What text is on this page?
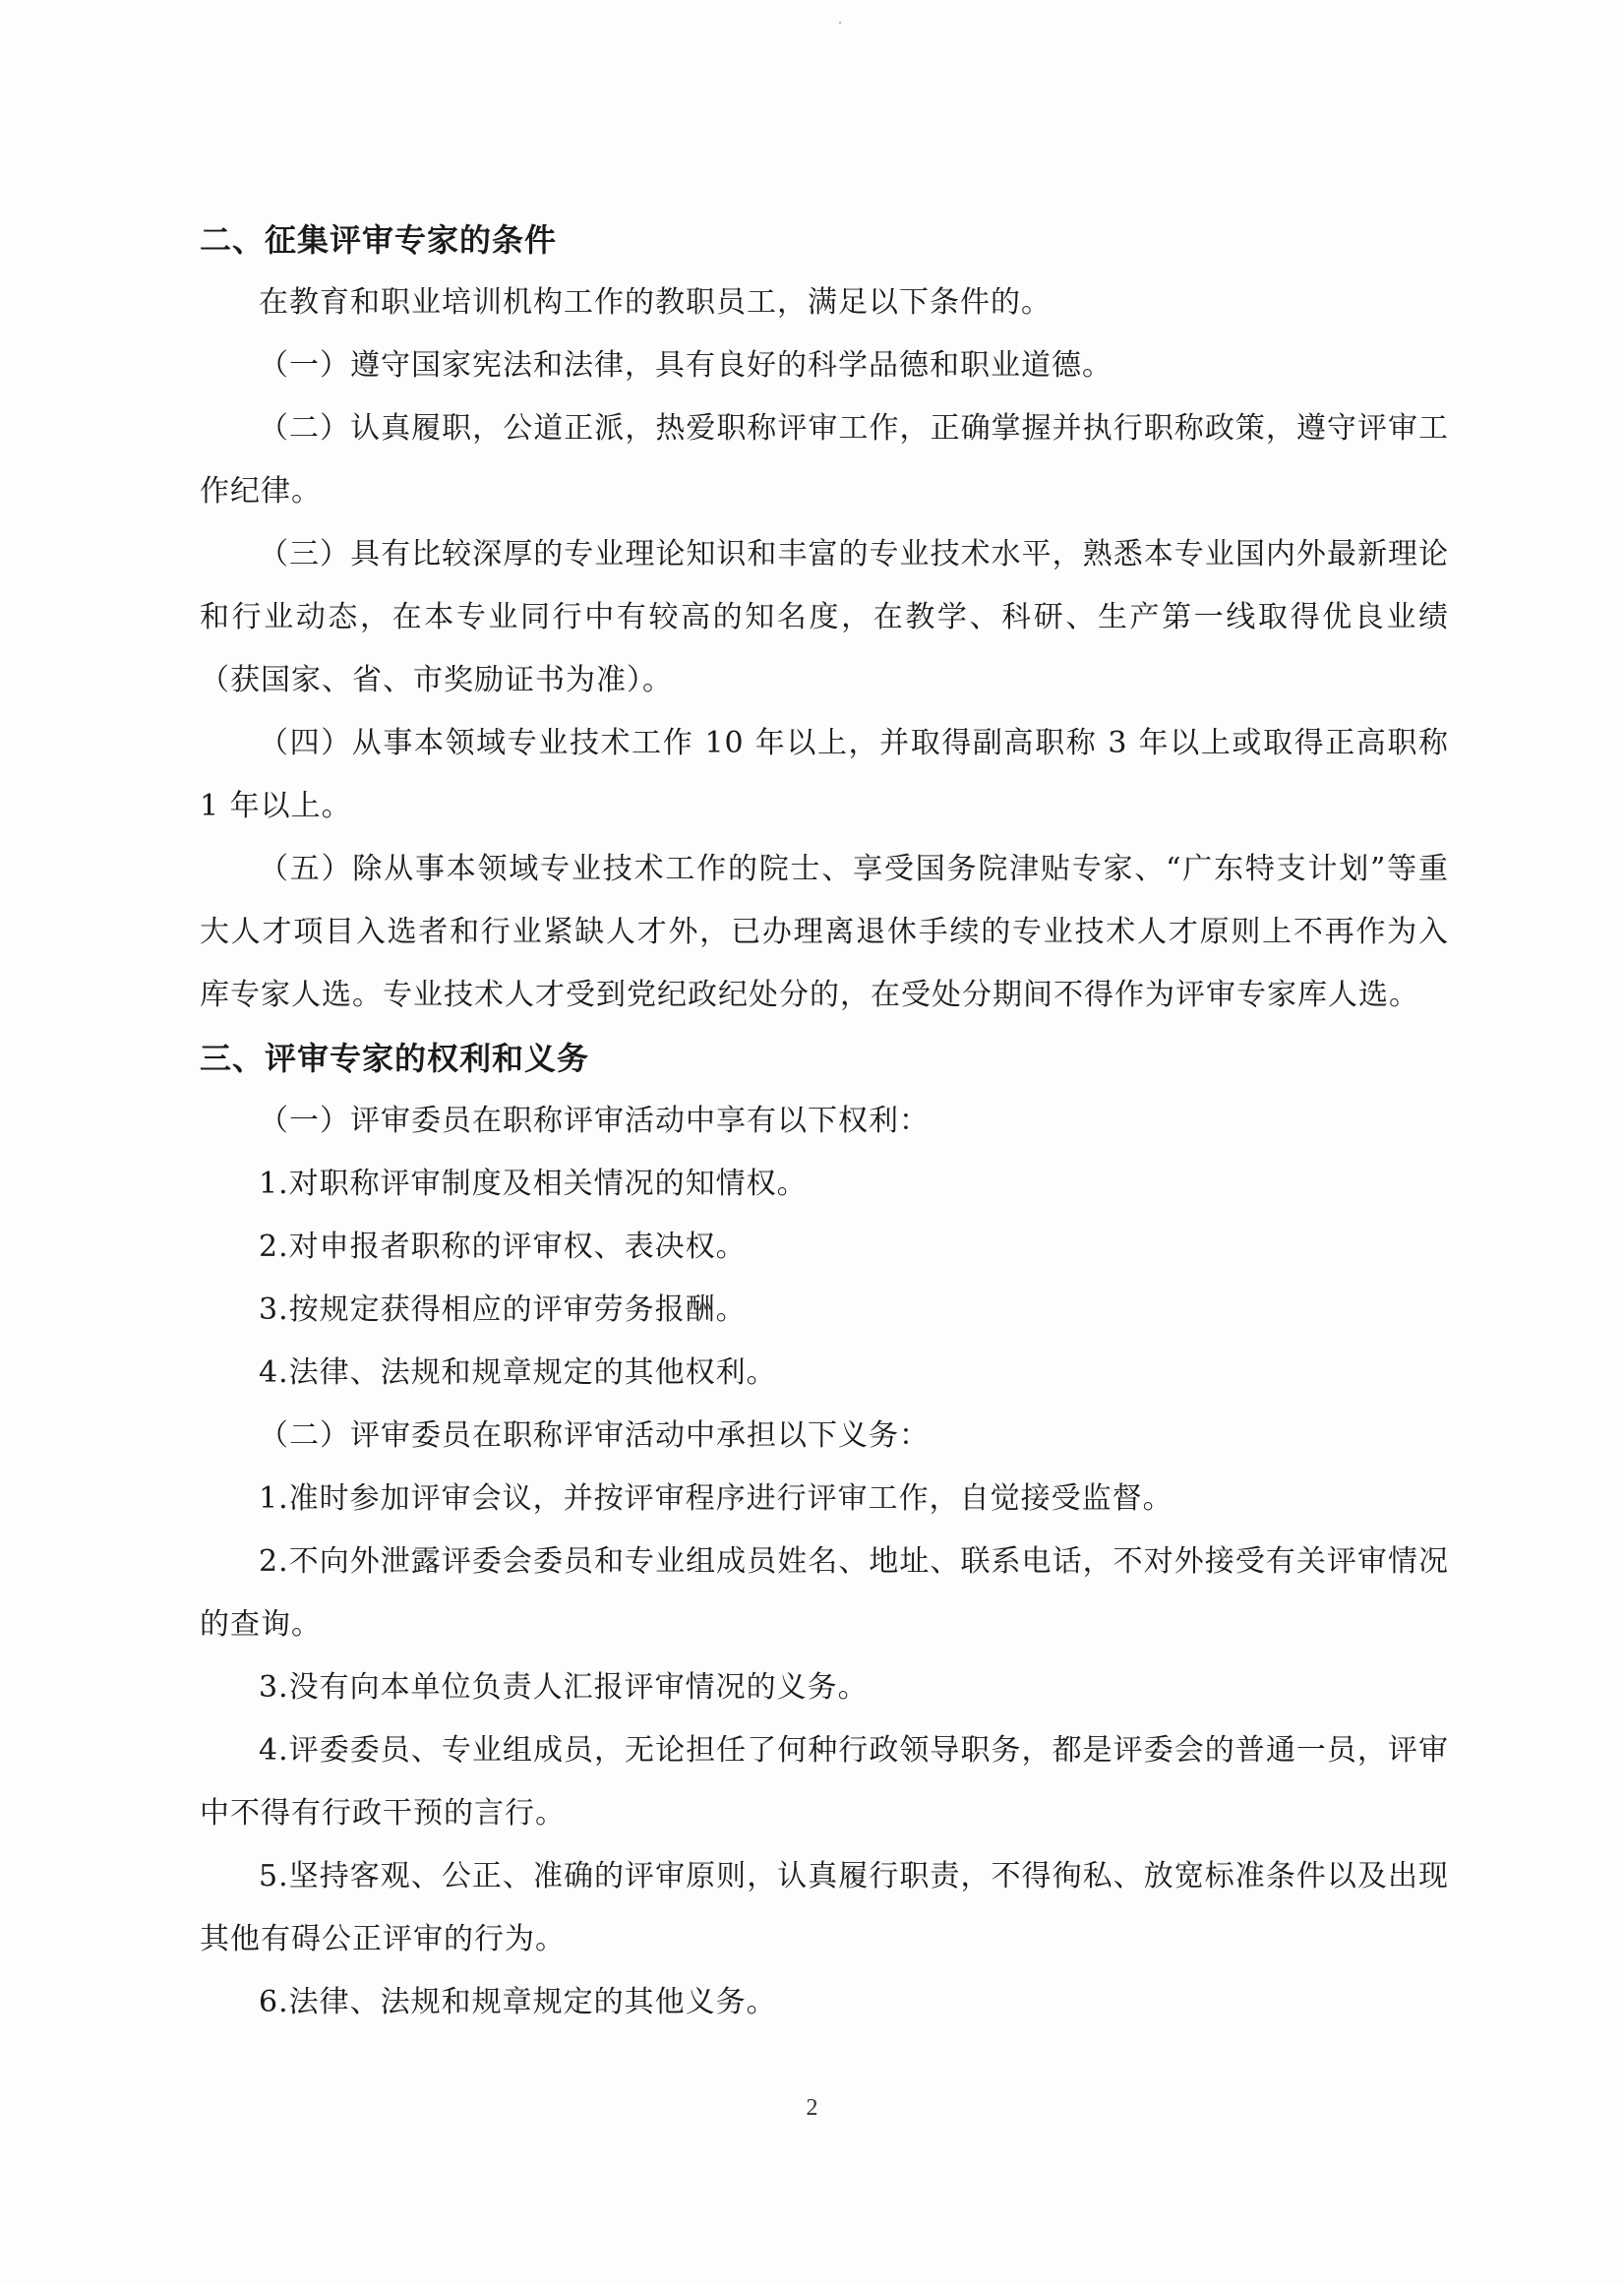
二、征集评审专家的条件

在教育和职业培训机构工作的教职员工，满足以下条件的。

（一）遵守国家宪法和法律，具有良好的科学品德和职业道德。

（二）认真履职，公道正派，热爱职称评审工作，正确掌握并执行职称政策，遵守评审工作纪律。

（三）具有比较深厚的专业理论知识和丰富的专业技术水平，熟悉本专业国内外最新理论和行业动态，在本专业同行中有较高的知名度，在教学、科研、生产第一线取得优良业绩（获国家、省、市奖励证书为准）。

（四）从事本领域专业技术工作 10 年以上，并取得副高职称 3 年以上或取得正高职称 1 年以上。

（五）除从事本领域专业技术工作的院士、享受国务院津贴专家、“广东特支计划”等重大人才项目入选者和行业紧缺人才外，已办理离退休手续的专业技术人才原则上不再作为入库专家人选。专业技术人才受到党纪政纪处分的，在受处分期间不得作为评审专家库人选。

三、评审专家的权利和义务

（一）评审委员在职称评审活动中享有以下权利：

1.对职称评审制度及相关情况的知情权。

2.对申报者职称的评审权、表决权。

3.按规定获得相应的评审劳务报酬。

4.法律、法规和规章规定的其他权利。

（二）评审委员在职称评审活动中承担以下义务：

1.准时参加评审会议，并按评审程序进行评审工作，自觉接受监督。

2.不向外泄露评委会委员和专业组成员姓名、地址、联系电话，不对外接受有关评审情况的查询。

3.没有向本单位负责人汇报评审情况的义务。

4.评委委员、专业组成员，无论担任了何种行政领导职务，都是评委会的普通一员，评审中不得有行政干预的言行。

5.坚持客观、公正、准确的评审原则，认真履行职责，不得徇私、放宽标准条件以及出现其他有碍公正评审的行为。

6.法律、法规和规章规定的其他义务。

2
